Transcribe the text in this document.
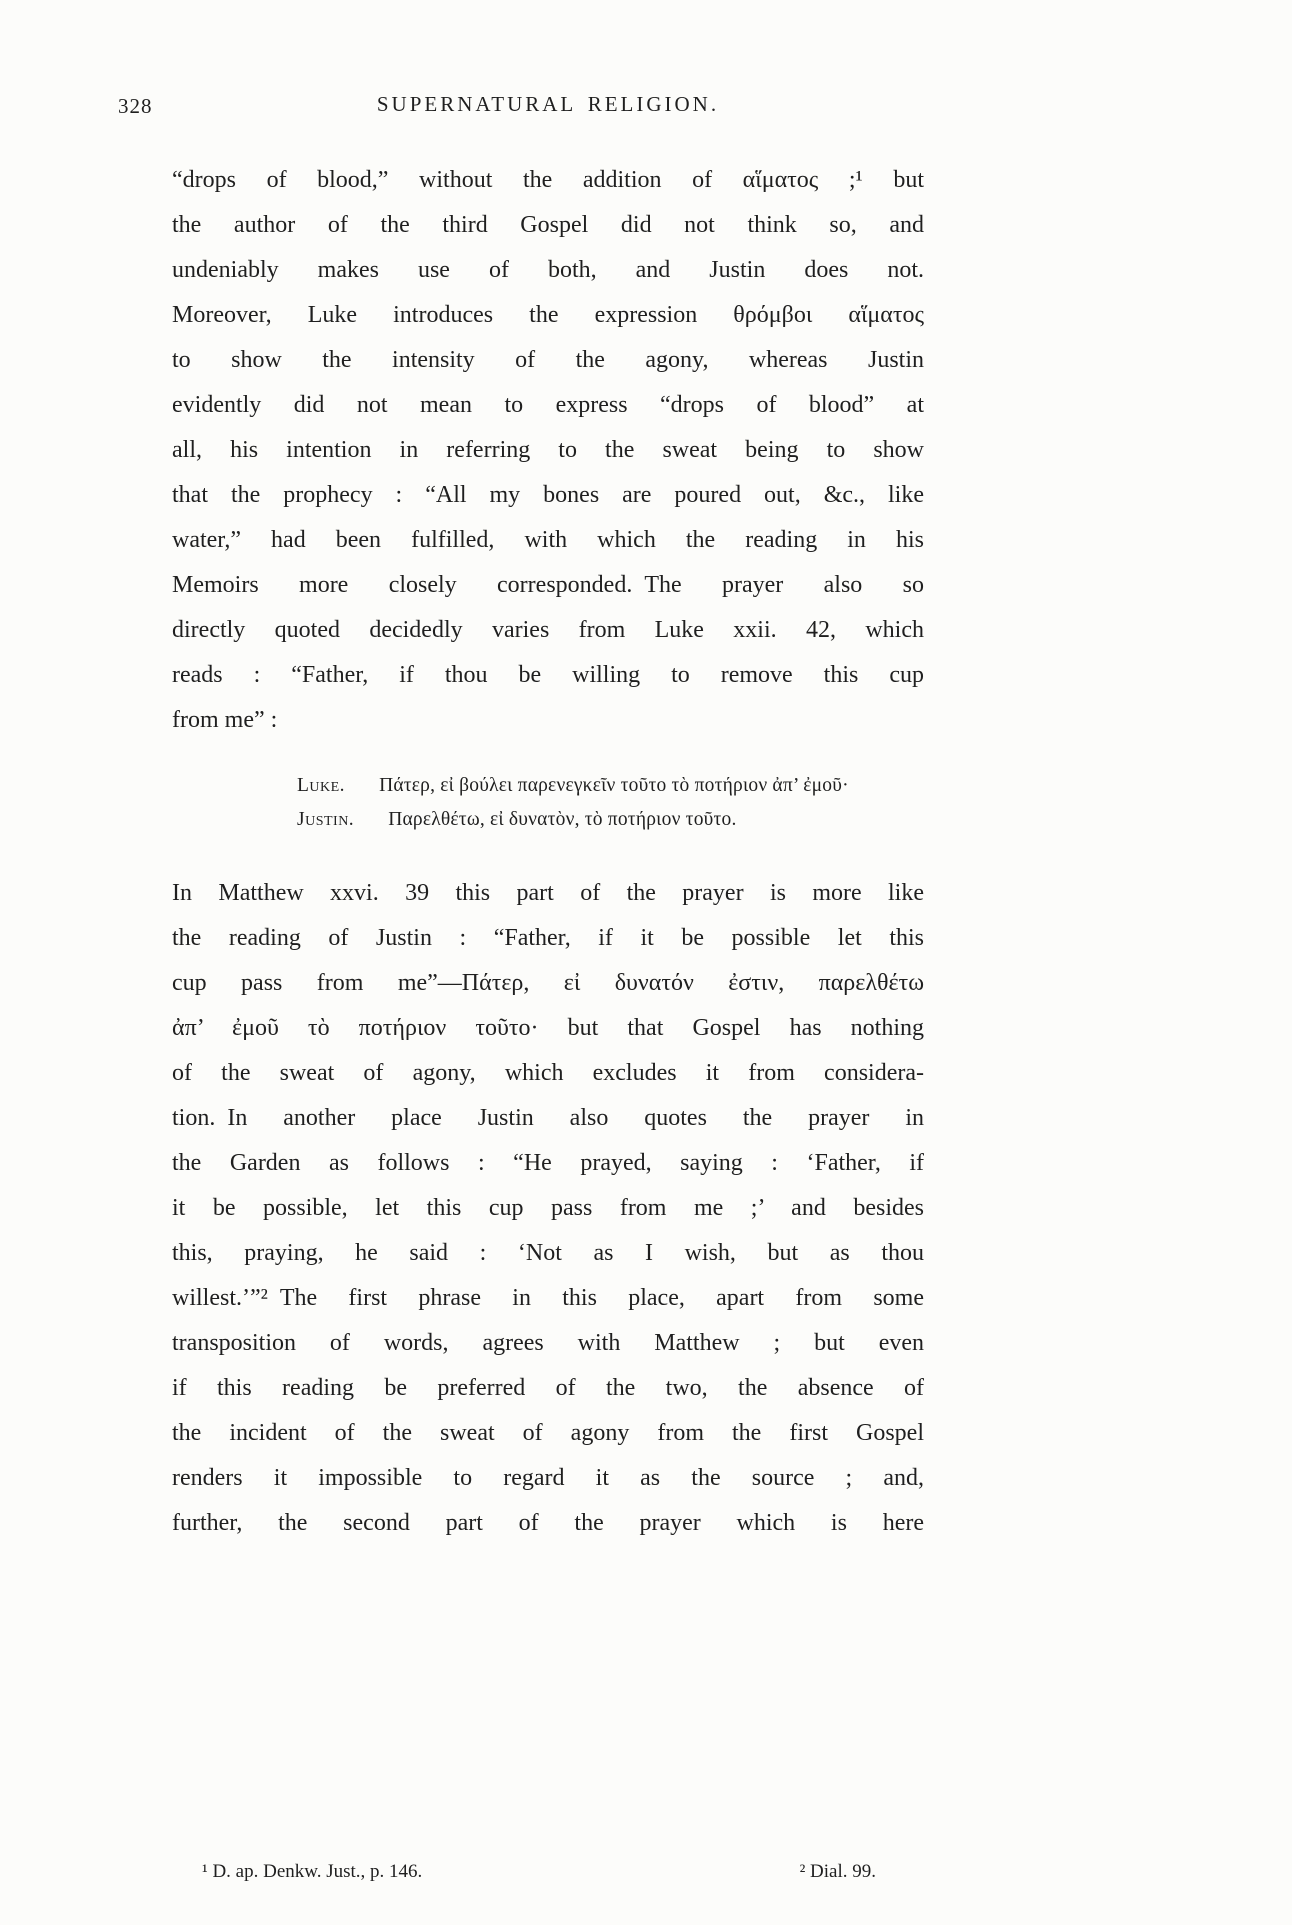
328	SUPERNATURAL RELIGION.
“drops of blood,” without the addition of αἵματος ;¹ but
the author of the third Gospel did not think so, and
undeniably makes use of both, and Justin does not.
Moreover, Luke introduces the expression θρόμβοι αἵματος
to show the intensity of the agony, whereas Justin
evidently did not mean to express “drops of blood” at
all, his intention in referring to the sweat being to show
that the prophecy : “All my bones are poured out, &c., like
water,” had been fulfilled, with which the reading in his
Memoirs more closely corresponded. The prayer also so
directly quoted decidedly varies from Luke xxii. 42, which
reads : “Father, if thou be willing to remove this cup
from me” :
Luke. Πάτερ, εἰ βούλει παρενεγκεῖν τοῦτο τὸ ποτήριον ἀπ’ ἐμοῦ·
Justin. Παρελθέτω, εἰ δυνατὸν, τὸ ποτήριον τοῦτο.
In Matthew xxvi. 39 this part of the prayer is more like
the reading of Justin : “Father, if it be possible let this
cup pass from me”—Πάτερ, εἰ δυνατόν ἐστιν, παρελθέτω
ἀπ’ ἐμοῦ τὸ ποτήριον τοῦτο· but that Gospel has nothing
of the sweat of agony, which excludes it from considera-
tion. In another place Justin also quotes the prayer in
the Garden as follows : “He prayed, saying : ‘Father, if
it be possible, let this cup pass from me ;’ and besides
this, praying, he said : ‘Not as I wish, but as thou
willest.’”² The first phrase in this place, apart from some
transposition of words, agrees with Matthew ; but even
if this reading be preferred of the two, the absence of
the incident of the sweat of agony from the first Gospel
renders it impossible to regard it as the source ; and,
further, the second part of the prayer which is here
¹ D. ap. Denkw. Just., p. 146.	² Dial. 99.
